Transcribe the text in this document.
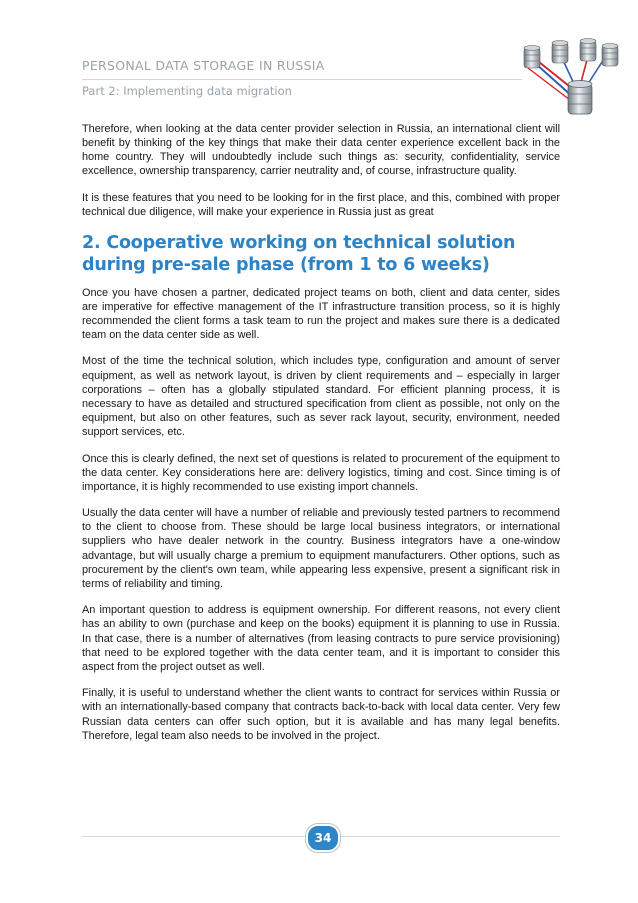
PERSONAL DATA STORAGE IN RUSSIA
Part 2: Implementing data migration

Therefore, when looking at the data center provider selection in Russia, an international client will benefit by thinking of the key things that make their data center experience excellent back in the home country. They will undoubtedly include such things as: security, confidentiality, service excellence, ownership transparency, carrier neutrality and, of course, infrastructure quality.

It is these features that you need to be looking for in the first place, and this, combined with proper technical due diligence, will make your experience in Russia just as great

2. Cooperative working on technical solution during pre-sale phase (from 1 to 6 weeks)

Once you have chosen a partner, dedicated project teams on both, client and data center, sides are imperative for effective management of the IT infrastructure transition process, so it is highly recommended the client forms a task team to run the project and makes sure there is a dedicated team on the data center side as well.

Most of the time the technical solution, which includes type, configuration and amount of server equipment, as well as network layout, is driven by client requirements and – especially in larger corporations – often has a globally stipulated standard. For efficient planning process, it is necessary to have as detailed and structured specification from client as possible, not only on the equipment, but also on other features, such as sever rack layout, security, environment, needed support services, etc.

Once this is clearly defined, the next set of questions is related to procurement of the equipment to the data center. Key considerations here are: delivery logistics, timing and cost. Since timing is of importance, it is highly recommended to use existing import channels.

Usually the data center will have a number of reliable and previously tested partners to recommend to the client to choose from. These should be large local business integrators, or international suppliers who have dealer network in the country. Business integrators have a one-window advantage, but will usually charge a premium to equipment manufacturers. Other options, such as procurement by the client's own team, while appearing less expensive, present a significant risk in terms of reliability and timing.

An important question to address is equipment ownership. For different reasons, not every client has an ability to own (purchase and keep on the books) equipment it is planning to use in Russia. In that case, there is a number of alternatives (from leasing contracts to pure service provisioning) that need to be explored together with the data center team, and it is important to consider this aspect from the project outset as well.

Finally, it is useful to understand whether the client wants to contract for services within Russia or with an internationally-based company that contracts back-to-back with local data center. Very few Russian data centers can offer such option, but it is available and has many legal benefits. Therefore, legal team also needs to be involved in the project.

34
